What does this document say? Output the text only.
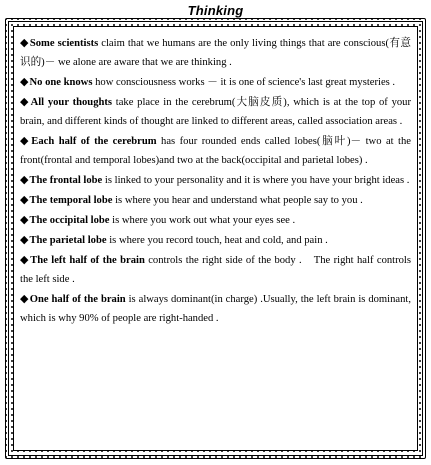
Thinking

◆Some scientists claim that we humans are the only living things that are conscious(有意识的)－ we alone are aware that we are thinking .

◆No one knows how consciousness works － it is one of science's last great mysteries .

◆All your thoughts take place in the cerebrum(大脑皮质), which is at the top of your brain, and different kinds of thought are linked to different areas, called association areas .

◆Each half of the cerebrum has four rounded ends called lobes(脑叶)－ two at the front(frontal and temporal lobes)and two at the back(occipital and parietal lobes) .

◆The frontal lobe is linked to your personality and it is where you have your bright ideas .

◆The temporal lobe is where you hear and understand what people say to you .

◆The occipital lobe is where you work out what your eyes see .

◆The parietal lobe is where you record touch, heat and cold, and pain .

◆The left half of the brain controls the right side of the body .　The right half controls the left side .

◆One half of the brain is always dominant(in charge) .Usually, the left brain is dominant, which is why 90% of people are right-handed .
